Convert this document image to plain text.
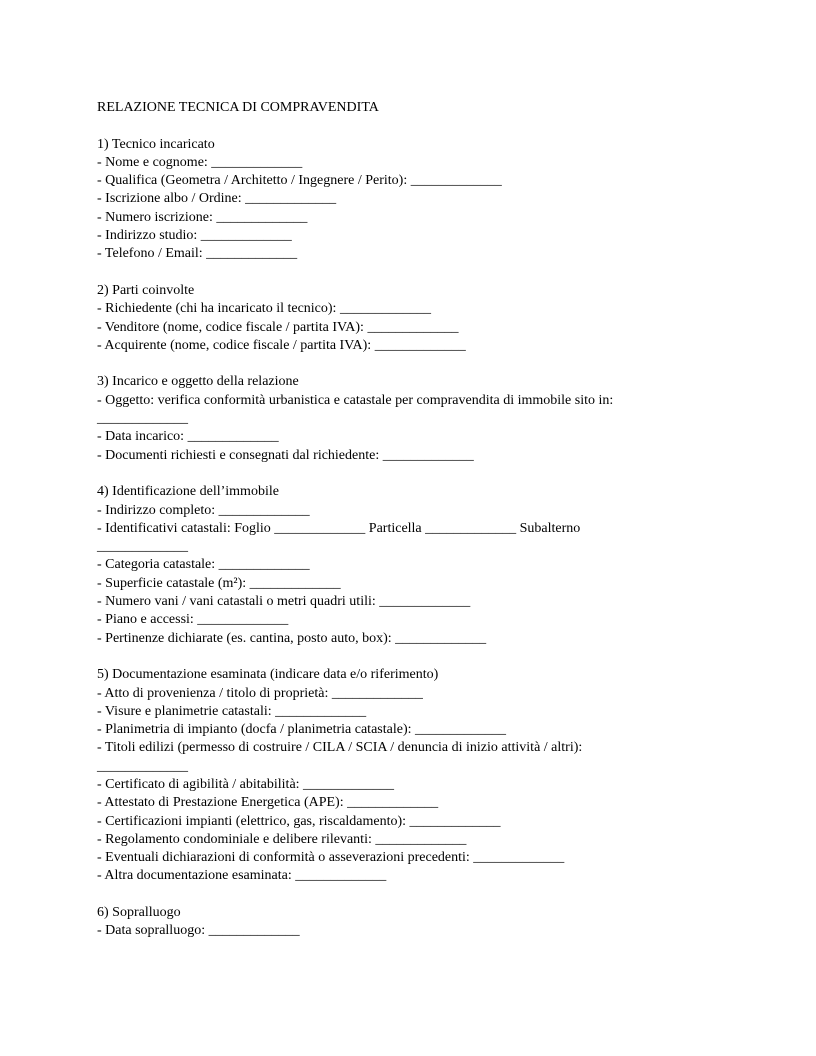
RELAZIONE TECNICA DI COMPRAVENDITA
1) Tecnico incaricato
- Nome e cognome: _____________
- Qualifica (Geometra / Architetto / Ingegnere / Perito): _____________
- Iscrizione albo / Ordine: _____________
- Numero iscrizione: _____________
- Indirizzo studio: _____________
- Telefono / Email: _____________
2) Parti coinvolte
- Richiedente (chi ha incaricato il tecnico): _____________
- Venditore (nome, codice fiscale / partita IVA): _____________
- Acquirente (nome, codice fiscale / partita IVA): _____________
3) Incarico e oggetto della relazione
- Oggetto: verifica conformità urbanistica e catastale per compravendita di immobile sito in:
_____________
- Data incarico: _____________
- Documenti richiesti e consegnati dal richiedente: _____________
4) Identificazione dell’immobile
- Indirizzo completo: _____________
- Identificativi catastali: Foglio _____________ Particella _____________ Subalterno
_____________
- Categoria catastale: _____________
- Superficie catastale (m²): _____________
- Numero vani / vani catastali o metri quadri utili: _____________
- Piano e accessi: _____________
- Pertinenze dichiarate (es. cantina, posto auto, box): _____________
5) Documentazione esaminata (indicare data e/o riferimento)
- Atto di provenienza / titolo di proprietà: _____________
- Visure e planimetrie catastali: _____________
- Planimetria di impianto (docfa / planimetria catastale): _____________
- Titoli edilizi (permesso di costruire / CILA / SCIA / denuncia di inizio attività / altri):
_____________
- Certificato di agibilità / abitabilità: _____________
- Attestato di Prestazione Energetica (APE): _____________
- Certificazioni impianti (elettrico, gas, riscaldamento): _____________
- Regolamento condominiale e delibere rilevanti: _____________
- Eventuali dichiarazioni di conformità o asseverazioni precedenti: _____________
- Altra documentazione esaminata: _____________
6) Sopralluogo
- Data sopralluogo: _____________
